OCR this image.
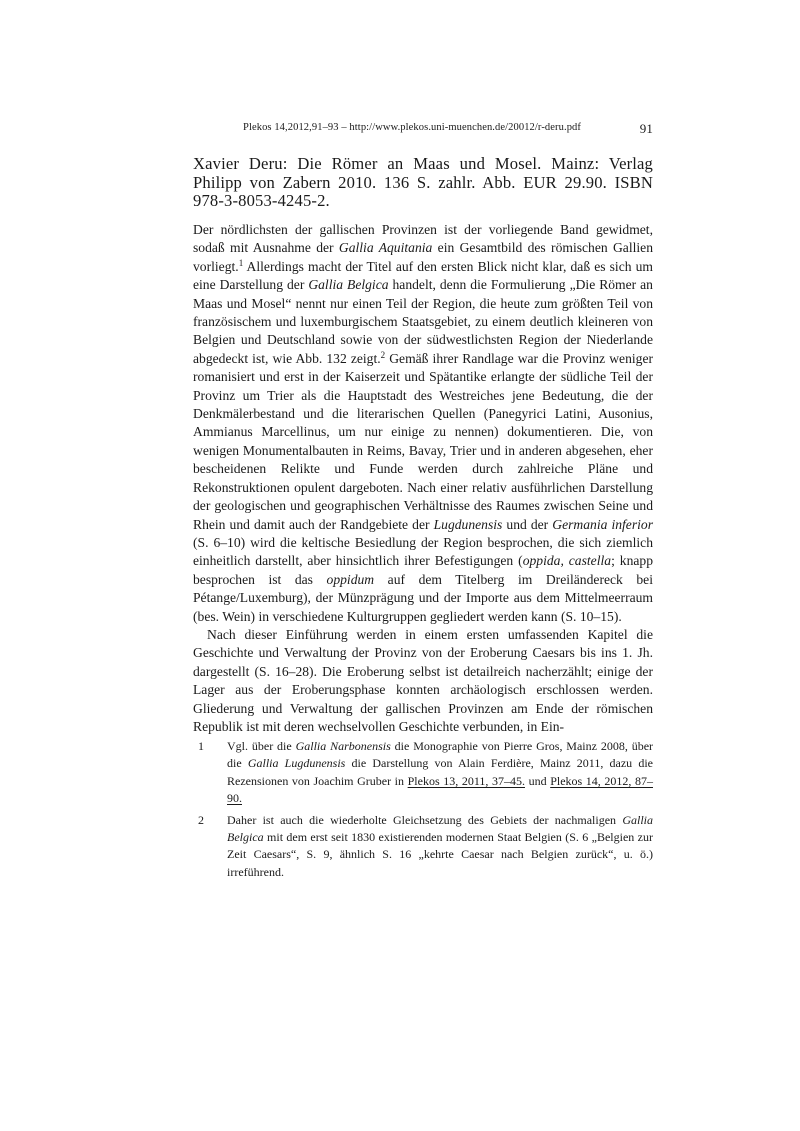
Plekos 14,2012,91–93 – http://www.plekos.uni-muenchen.de/20012/r-deru.pdf	91
Xavier Deru: Die Römer an Maas und Mosel. Mainz: Verlag Philipp von Zabern 2010. 136 S. zahlr. Abb. EUR 29.90. ISBN 978-3-8053-4245-2.

Der nördlichsten der gallischen Provinzen ist der vorliegende Band gewidmet, sodaß mit Ausnahme der Gallia Aquitania ein Gesamtbild des römischen Gallien vorliegt.$^1$ Allerdings macht der Titel auf den ersten Blick nicht klar, daß es sich um eine Darstellung der Gallia Belgica handelt, denn die Formulierung „Die Römer an Maas und Mosel“ nennt nur einen Teil der Region, die heute zum größten Teil von französischem und luxemburgischem Staatsgebiet, zu einem deutlich kleineren von Belgien und Deutschland sowie von der südwestlichsten Region der Niederlande abgedeckt ist, wie Abb. 132 zeigt.$^2$ Gemäß ihrer Randlage war die Provinz weniger romanisiert und erst in der Kaiserzeit und Spätantike erlangte der südliche Teil der Provinz um Trier als die Hauptstadt des Westreiches jene Bedeutung, die der Denkmälerbestand und die literarischen Quellen (Panegyrici Latini, Ausonius, Ammianus Marcellinus, um nur einige zu nennen) dokumentieren. Die, von wenigen Monumentalbauten in Reims, Bavay, Trier und in anderen abgesehen, eher bescheidenen Relikte und Funde werden durch zahlreiche Pläne und Rekonstruktionen opulent dargeboten. Nach einer relativ ausführlichen Darstellung der geologischen und geographischen Verhältnisse des Raumes zwischen Seine und Rhein und damit auch der Randgebiete der Lugdunensis und der Germania inferior (S. 6–10) wird die keltische Besiedlung der Region besprochen, die sich ziemlich einheitlich darstellt, aber hinsichtlich ihrer Befestigungen (oppida, castella; knapp besprochen ist das oppidum auf dem Titelberg im Dreiländereck bei Pétange/Luxemburg), der Münzprägung und der Importe aus dem Mittelmeerraum (bes. Wein) in verschiedene Kulturgruppen gegliedert werden kann (S. 10–15).

Nach dieser Einführung werden in einem ersten umfassenden Kapitel die Geschichte und Verwaltung der Provinz von der Eroberung Caesars bis ins 1. Jh. dargestellt (S. 16–28). Die Eroberung selbst ist detailreich nacherzählt; einige der Lager aus der Eroberungsphase konnten archäologisch erschlossen werden. Gliederung und Verwaltung der gallischen Provinzen am Ende der römischen Republik ist mit deren wechselvollen Geschichte verbunden, in Ein-

1 Vgl. über die Gallia Narbonensis die Monographie von Pierre Gros, Mainz 2008, über die Gallia Lugdunensis die Darstellung von Alain Ferdière, Mainz 2011, dazu die Rezensionen von Joachim Gruber in Plekos 13, 2011, 37–45. und Plekos 14, 2012, 87–90.
2 Daher ist auch die wiederholte Gleichsetzung des Gebiets der nachmaligen Gallia Belgica mit dem erst seit 1830 existierenden modernen Staat Belgien (S. 6 „Belgien zur Zeit Caesars“, S. 9, ähnlich S. 16 „kehrte Caesar nach Belgien zurück“, u. ö.) irreführend.
